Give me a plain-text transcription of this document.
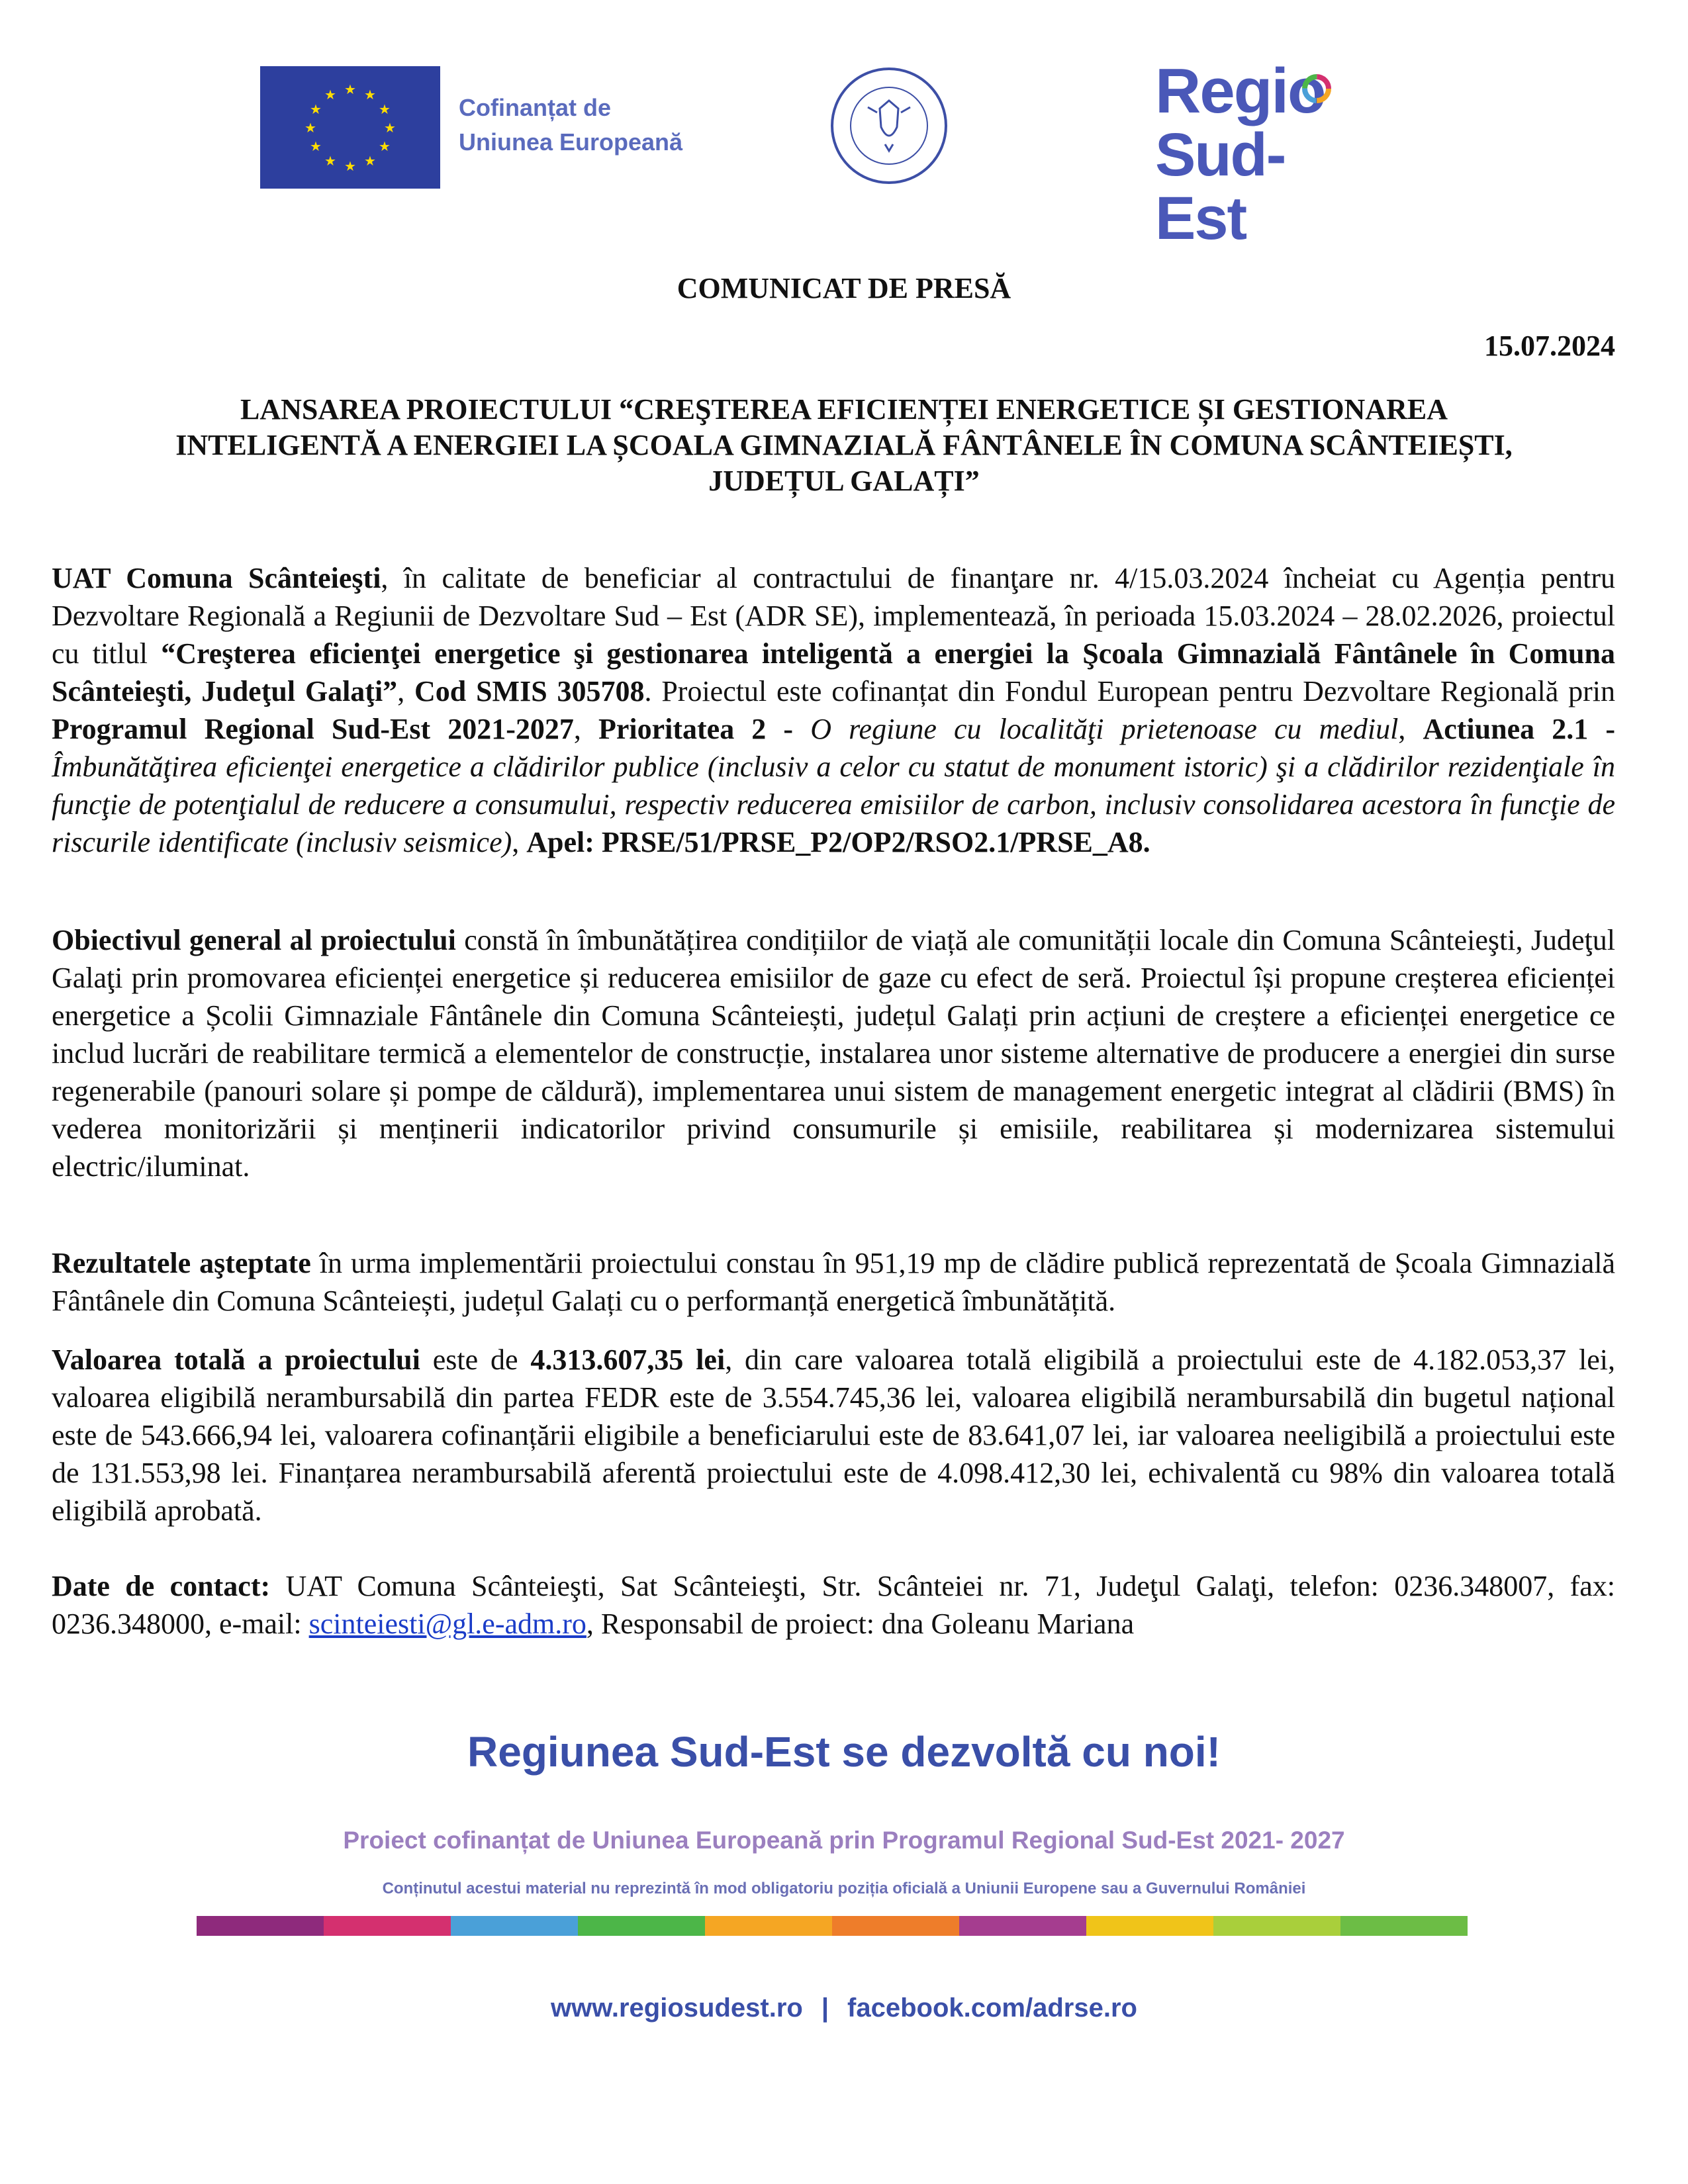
★ ★
★
★
★
★
★
★
★
★
★
★	Cofinanțat de
Uniunea Europeană
Regio
Sud-Est
COMUNICAT DE PRESĂ
15.07.2024
LANSAREA PROIECTULUI “CREŞTEREA EFICIENȚEI ENERGETICE ȘI GESTIONAREA
INTELIGENTĂ A ENERGIEI LA ȘCOALA GIMNAZIALĂ FÂNTÂNELE ÎN COMUNA SCÂNTEIEȘTI,
JUDEȚUL GALAȚI”
UAT Comuna Scânteieşti, în calitate de beneficiar al contractului de finanţare nr. 4/15.03.2024 încheiat cu Agenția pentru Dezvoltare Regională a Regiunii de Dezvoltare Sud – Est (ADR SE), implementează, în perioada 15.03.2024 – 28.02.2026, proiectul cu titlul “Creşterea eficienţei energetice şi gestionarea inteligentă a energiei la Şcoala Gimnazială Fântânele în Comuna Scânteieşti, Judeţul Galaţi”, Cod SMIS 305708. Proiectul este cofinanțat din Fondul European pentru Dezvoltare Regională prin Programul Regional Sud-Est 2021-2027, Prioritatea 2 - O regiune cu localităţi prietenoase cu mediul, Actiunea 2.1 - Îmbunătăţirea eficienţei energetice a clădirilor publice (inclusiv a celor cu statut de monument istoric) şi a clădirilor rezidenţiale în funcţie de potenţialul de reducere a consumului, respectiv reducerea emisiilor de carbon, inclusiv consolidarea acestora în funcţie de riscurile identificate (inclusiv seismice), Apel: PRSE/51/PRSE_P2/OP2/RSO2.1/PRSE_A8.
Obiectivul general al proiectului constă în îmbunătățirea condițiilor de viață ale comunității locale din Comuna Scânteieşti, Judeţul Galaţi prin promovarea eficienței energetice și reducerea emisiilor de gaze cu efect de seră. Proiectul își propune creșterea eficienței energetice a Școlii Gimnaziale Fântânele din Comuna Scânteiești, județul Galați prin acțiuni de creștere a eficienței energetice ce includ lucrări de reabilitare termică a elementelor de construcție, instalarea unor sisteme alternative de producere a energiei din surse regenerabile (panouri solare și pompe de căldură), implementarea unui sistem de management energetic integrat al clădirii (BMS) în vederea monitorizării și menținerii indicatorilor privind consumurile și emisiile, reabilitarea și modernizarea sistemului electric/iluminat.
Rezultatele aşteptate în urma implementării proiectului constau în 951,19 mp de clădire publică reprezentată de Școala Gimnazială Fântânele din Comuna Scânteiești, județul Galați cu o performanță energetică îmbunătățită.
Valoarea totală a proiectului este de 4.313.607,35 lei, din care valoarea totală eligibilă a proiectului este de 4.182.053,37 lei, valoarea eligibilă nerambursabilă din partea FEDR este de 3.554.745,36 lei, valoarea eligibilă nerambursabilă din bugetul național este de 543.666,94 lei, valoarera cofinanțării eligibile a beneficiarului este de 83.641,07 lei, iar valoarea neeligibilă a proiectului este de 131.553,98 lei. Finanțarea nerambursabilă aferentă proiectului este de 4.098.412,30 lei, echivalentă cu 98% din valoarea totală eligibilă aprobată.
Date de contact: UAT Comuna Scânteieşti, Sat Scânteieşti, Str. Scânteiei nr. 71, Judeţul Galaţi, telefon: 0236.348007, fax: 0236.348000, e-mail: scinteiesti@gl.e-adm.ro, Responsabil de proiect: dna Goleanu Mariana
Regiunea Sud-Est se dezvoltă cu noi!
Proiect cofinanțat de Uniunea Europeană prin Programul Regional Sud-Est 2021- 2027
Conținutul acestui material nu reprezintă în mod obligatoriu poziția oficială a Uniunii Europene sau a Guvernului României
www.regiosudest.ro | facebook.com/adrse.ro
